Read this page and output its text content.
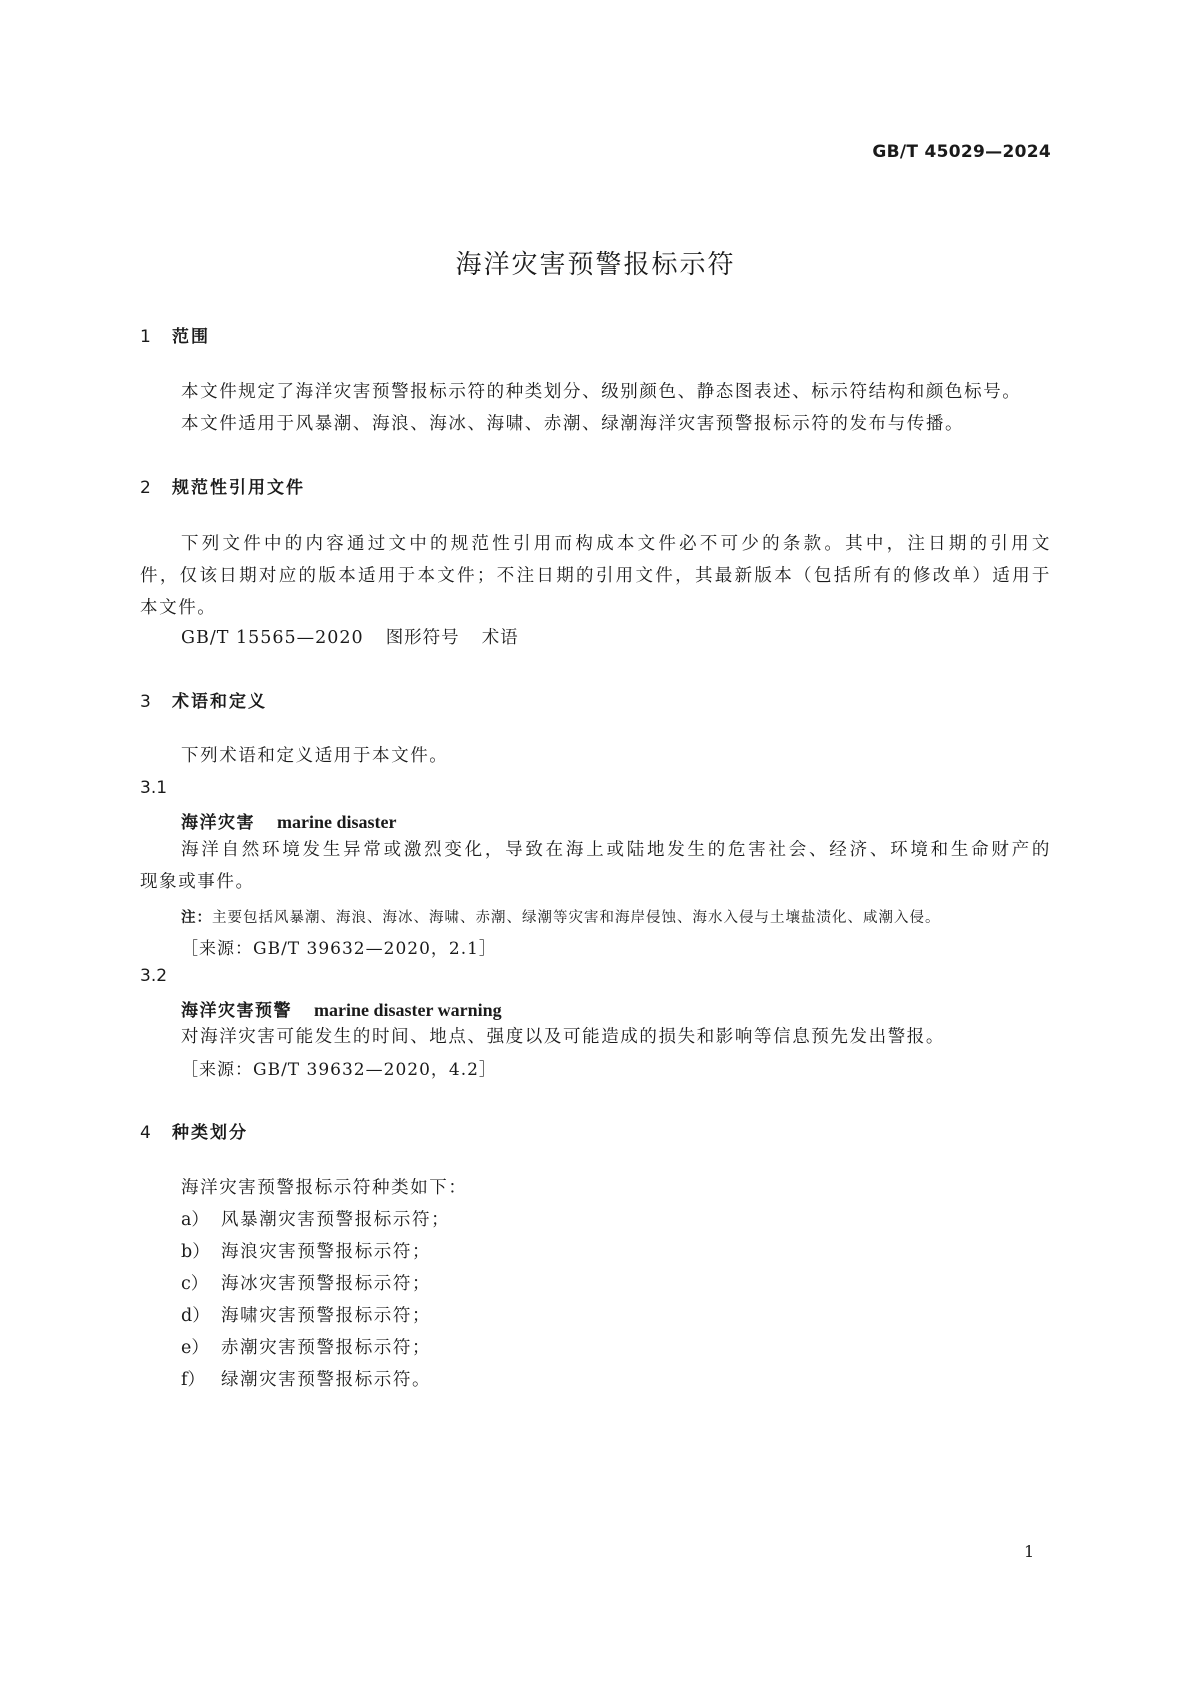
GB/T 45029—2024
海洋灾害预警报标示符
1 范围
本文件规定了海洋灾害预警报标示符的种类划分、级别颜色、静态图表述、标示符结构和颜色标号。
本文件适用于风暴潮、海浪、海冰、海啸、赤潮、绿潮海洋灾害预警报标示符的发布与传播。
2 规范性引用文件
下列文件中的内容通过文中的规范性引用而构成本文件必不可少的条款。其中，注日期的引用文
件，仅该日期对应的版本适用于本文件；不注日期的引用文件，其最新版本（包括所有的修改单）适用于
本文件。
GB/T 15565—2020 图形符号 术语
3 术语和定义
下列术语和定义适用于本文件。
3.1
海洋灾害 marine disaster
海洋自然环境发生异常或激烈变化，导致在海上或陆地发生的危害社会、经济、环境和生命财产的
现象或事件。
注：主要包括风暴潮、海浪、海冰、海啸、赤潮、绿潮等灾害和海岸侵蚀、海水入侵与土壤盐渍化、咸潮入侵。
［来源：GB/T 39632—2020，2.1］
3.2
海洋灾害预警 marine disaster warning
对海洋灾害可能发生的时间、地点、强度以及可能造成的损失和影响等信息预先发出警报。
［来源：GB/T 39632—2020，4.2］
4 种类划分
海洋灾害预警报标示符种类如下：
a） 风暴潮灾害预警报标示符；
b） 海浪灾害预警报标示符；
c） 海冰灾害预警报标示符；
d） 海啸灾害预警报标示符；
e） 赤潮灾害预警报标示符；
f） 绿潮灾害预警报标示符。
1
